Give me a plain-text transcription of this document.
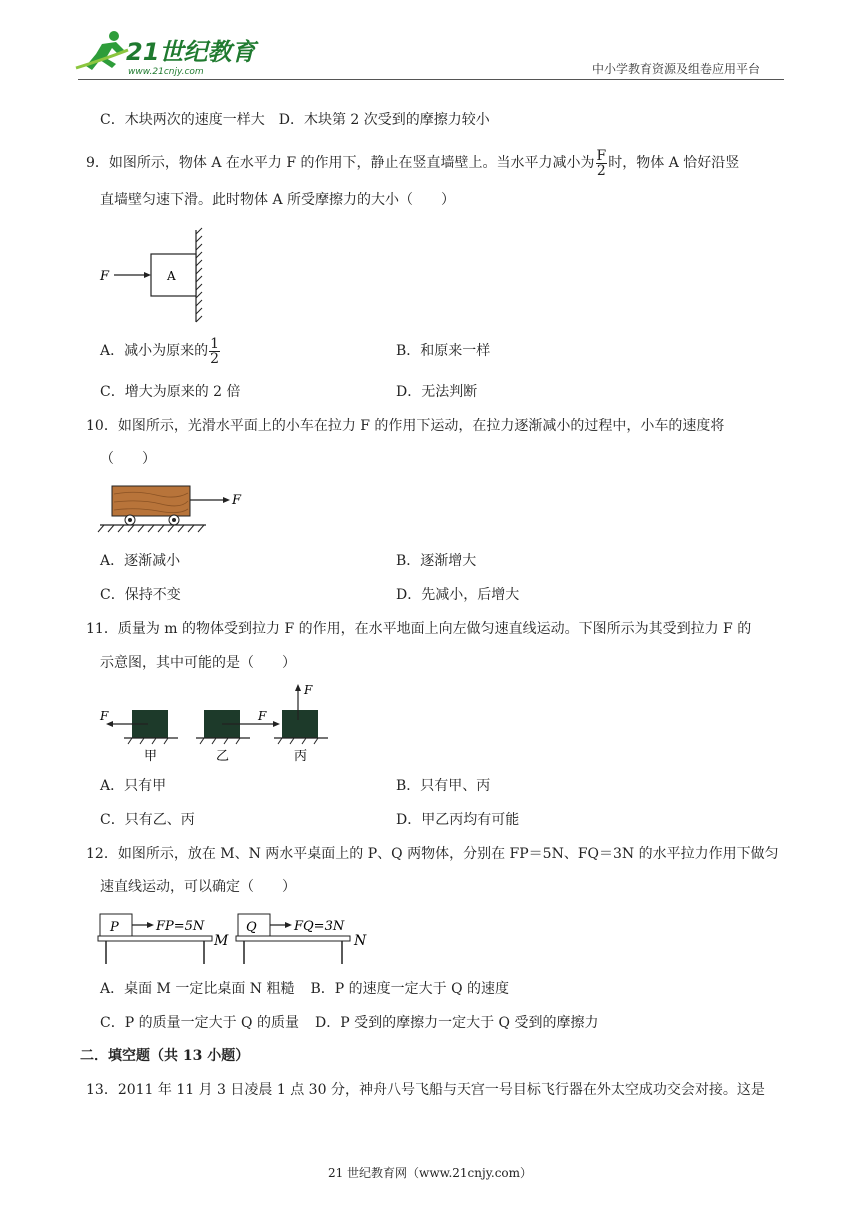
21世纪教育
www.21cnjy.com	中小学教育资源及组卷应用平台
C．木块两次的速度一样大 D．木块第 2 次受到的摩擦力较小
9．如图所示，物体 A 在水平力 F 的作用下，静止在竖直墙壁上。当水平力减小为 $\frac{F}{2}$ 时，物体 A 恰好沿竖
直墙壁匀速下滑。此时物体 A 所受摩擦力的大小（　　）
F	A
A．减小为原来的 $\frac{1}{2}$	B．和原来一样
C．增大为原来的 2 倍	D．无法判断
10．如图所示，光滑水平面上的小车在拉力 F 的作用下运动，在拉力逐渐减小的过程中，小车的速度将
（　　）
F
A．逐渐减小	B．逐渐增大
C．保持不变	D．先减小，后增大
11．质量为 m 的物体受到拉力 F 的作用，在水平地面上向左做匀速直线运动。下图所示为其受到拉力 F 的
示意图，其中可能的是（　　）
F
甲
F
乙
F
丙
A．只有甲	B．只有甲、丙
C．只有乙、丙	D．甲乙丙均有可能
12．如图所示，放在 M、N 两水平桌面上的 P、Q 两物体，分别在 FP＝5N、FQ＝3N 的水平拉力作用下做匀
速直线运动，可以确定（　　）
P	FP=5N
M
Q	FQ=3N
N
A．桌面 M 一定比桌面 N 粗糙 B．P 的速度一定大于 Q 的速度
C．P 的质量一定大于 Q 的质量 D．P 受到的摩擦力一定大于 Q 受到的摩擦力
二．填空题（共 13 小题）
13．2011 年 11 月 3 日凌晨 1 点 30 分，神舟八号飞船与天宫一号目标飞行器在外太空成功交会对接。这是
21 世纪教育网（www.21cnjy.com）
